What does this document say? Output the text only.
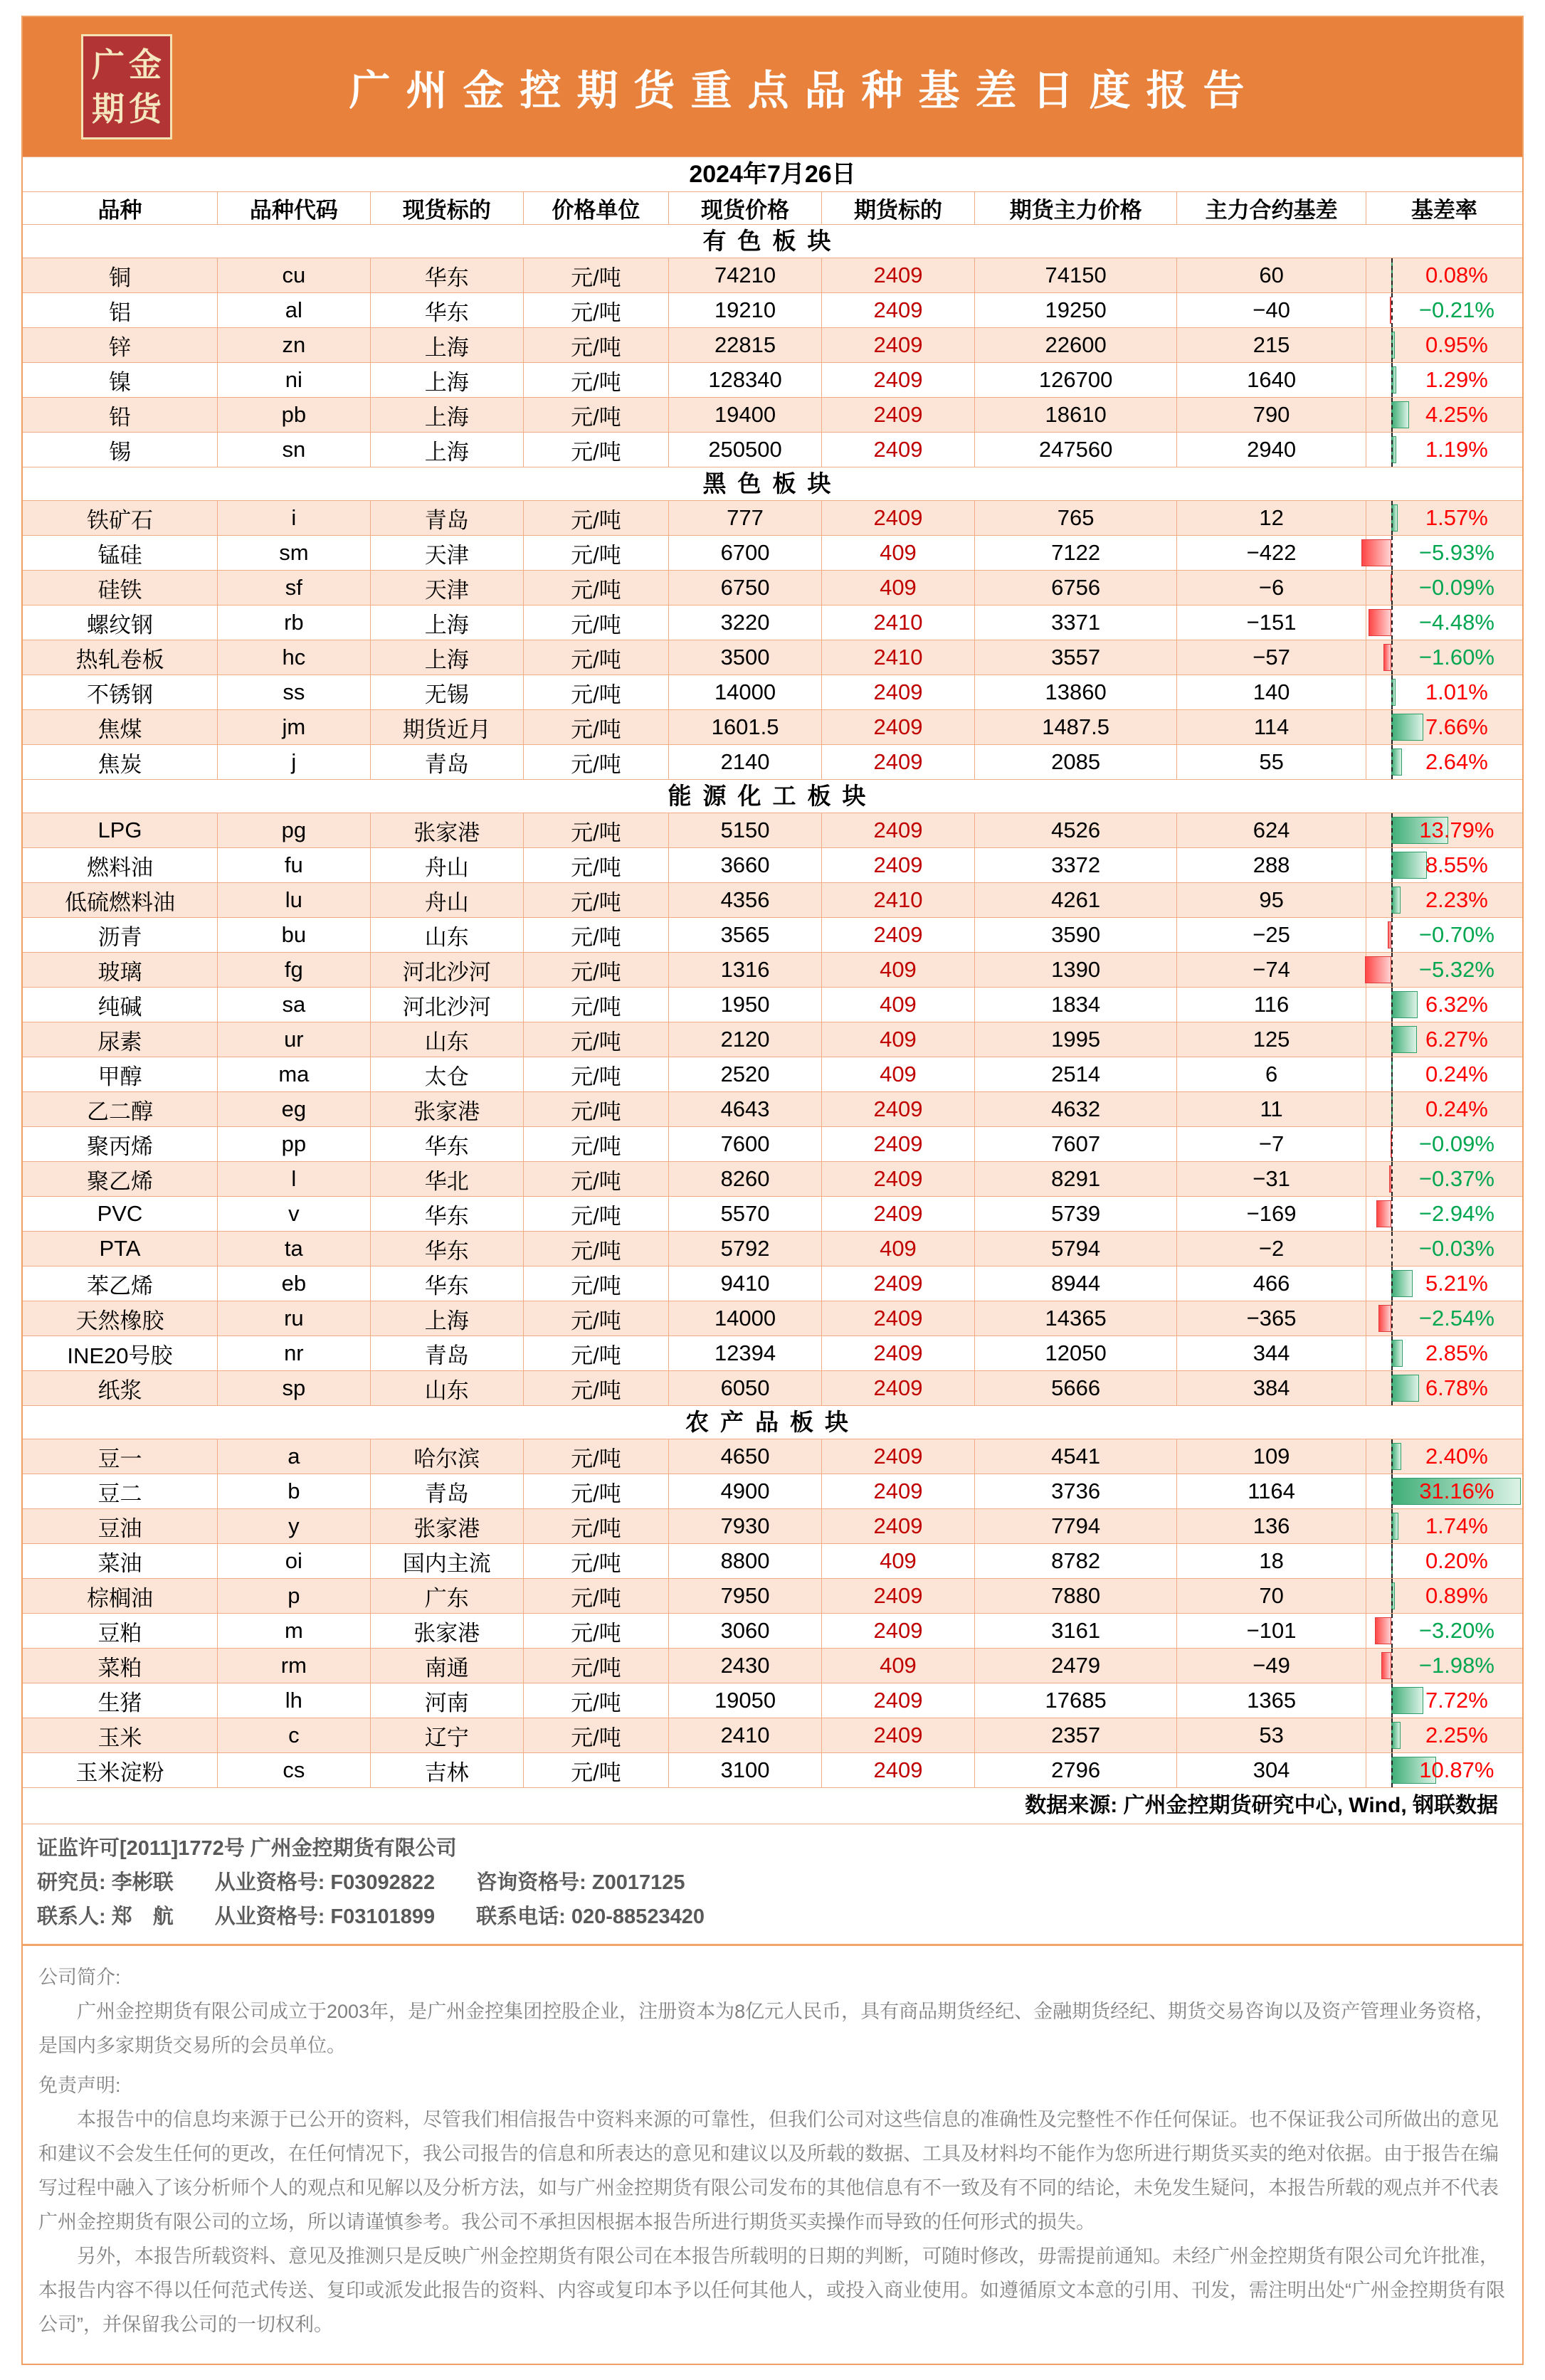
广金
期货	广州金控期货重点品种基差日度报告
2024年7月26日
品种	品种代码	现货标的	价格单位	现货价格	期货标的	期货主力价格	主力合约基差	基差率
有色板块
铜	cu	华东	元/吨	74210	2409	74150	60	0.08%
铝	al	华东	元/吨	19210	2409	19250	−40	−0.21%
锌	zn	上海	元/吨	22815	2409	22600	215	0.95%
镍	ni	上海	元/吨	128340	2409	126700	1640	1.29%
铅	pb	上海	元/吨	19400	2409	18610	790	4.25%
锡	sn	上海	元/吨	250500	2409	247560	2940	1.19%
黑色板块
铁矿石	i	青岛	元/吨	777	2409	765	12	1.57%
锰硅	sm	天津	元/吨	6700	409	7122	−422	−5.93%
硅铁	sf	天津	元/吨	6750	409	6756	−6	−0.09%
螺纹钢	rb	上海	元/吨	3220	2410	3371	−151	−4.48%
热轧卷板	hc	上海	元/吨	3500	2410	3557	−57	−1.60%
不锈钢	ss	无锡	元/吨	14000	2409	13860	140	1.01%
焦煤	jm	期货近月	元/吨	1601.5	2409	1487.5	114	7.66%
焦炭	j	青岛	元/吨	2140	2409	2085	55	2.64%
能源化工板块
LPG	pg	张家港	元/吨	5150	2409	4526	624	13.79%
燃料油	fu	舟山	元/吨	3660	2409	3372	288	8.55%
低硫燃料油	lu	舟山	元/吨	4356	2410	4261	95	2.23%
沥青	bu	山东	元/吨	3565	2409	3590	−25	−0.70%
玻璃	fg	河北沙河	元/吨	1316	409	1390	−74	−5.32%
纯碱	sa	河北沙河	元/吨	1950	409	1834	116	6.32%
尿素	ur	山东	元/吨	2120	409	1995	125	6.27%
甲醇	ma	太仓	元/吨	2520	409	2514	6	0.24%
乙二醇	eg	张家港	元/吨	4643	2409	4632	11	0.24%
聚丙烯	pp	华东	元/吨	7600	2409	7607	−7	−0.09%
聚乙烯	l	华北	元/吨	8260	2409	8291	−31	−0.37%
PVC	v	华东	元/吨	5570	2409	5739	−169	−2.94%
PTA	ta	华东	元/吨	5792	409	5794	−2	−0.03%
苯乙烯	eb	华东	元/吨	9410	2409	8944	466	5.21%
天然橡胶	ru	上海	元/吨	14000	2409	14365	−365	−2.54%
INE20号胶	nr	青岛	元/吨	12394	2409	12050	344	2.85%
纸浆	sp	山东	元/吨	6050	2409	5666	384	6.78%
农产品板块
豆一	a	哈尔滨	元/吨	4650	2409	4541	109	2.40%
豆二	b	青岛	元/吨	4900	2409	3736	1164	31.16%
豆油	y	张家港	元/吨	7930	2409	7794	136	1.74%
菜油	oi	国内主流	元/吨	8800	409	8782	18	0.20%
棕榈油	p	广东	元/吨	7950	2409	7880	70	0.89%
豆粕	m	张家港	元/吨	3060	2409	3161	−101	−3.20%
菜粕	rm	南通	元/吨	2430	409	2479	−49	−1.98%
生猪	lh	河南	元/吨	19050	2409	17685	1365	7.72%
玉米	c	辽宁	元/吨	2410	2409	2357	53	2.25%
玉米淀粉	cs	吉林	元/吨	3100	2409	2796	304	10.87%
数据来源: 广州金控期货研究中心, Wind, 钢联数据
证监许可[2011]1772号 广州金控期货有限公司
研究员: 李彬联　　从业资格号: F03092822　　咨询资格号: Z0017125
联系人: 郑　航　　从业资格号: F03101899　　联系电话: 020-88523420
公司简介:
广州金控期货有限公司成立于2003年，是广州金控集团控股企业，注册资本为8亿元人民币，具有商品期货经纪、金融期货经纪、期货交易咨询以及资产管理业务资格，是国内多家期货交易所的会员单位。
免责声明:
本报告中的信息均来源于已公开的资料，尽管我们相信报告中资料来源的可靠性，但我们公司对这些信息的准确性及完整性不作任何保证。也不保证我公司所做出的意见和建议不会发生任何的更改，在任何情况下，我公司报告的信息和所表达的意见和建议以及所载的数据、工具及材料均不能作为您所进行期货买卖的绝对依据。由于报告在编写过程中融入了该分析师个人的观点和见解以及分析方法，如与广州金控期货有限公司发布的其他信息有不一致及有不同的结论，未免发生疑问，本报告所载的观点并不代表广州金控期货有限公司的立场，所以请谨慎参考。我公司不承担因根据本报告所进行期货买卖操作而导致的任何形式的损失。
另外，本报告所载资料、意见及推测只是反映广州金控期货有限公司在本报告所载明的日期的判断，可随时修改，毋需提前通知。未经广州金控期货有限公司允许批准，本报告内容不得以任何范式传送、复印或派发此报告的资料、内容或复印本予以任何其他人，或投入商业使用。如遵循原文本意的引用、刊发，需注明出处“广州金控期货有限公司”，并保留我公司的一切权利。
